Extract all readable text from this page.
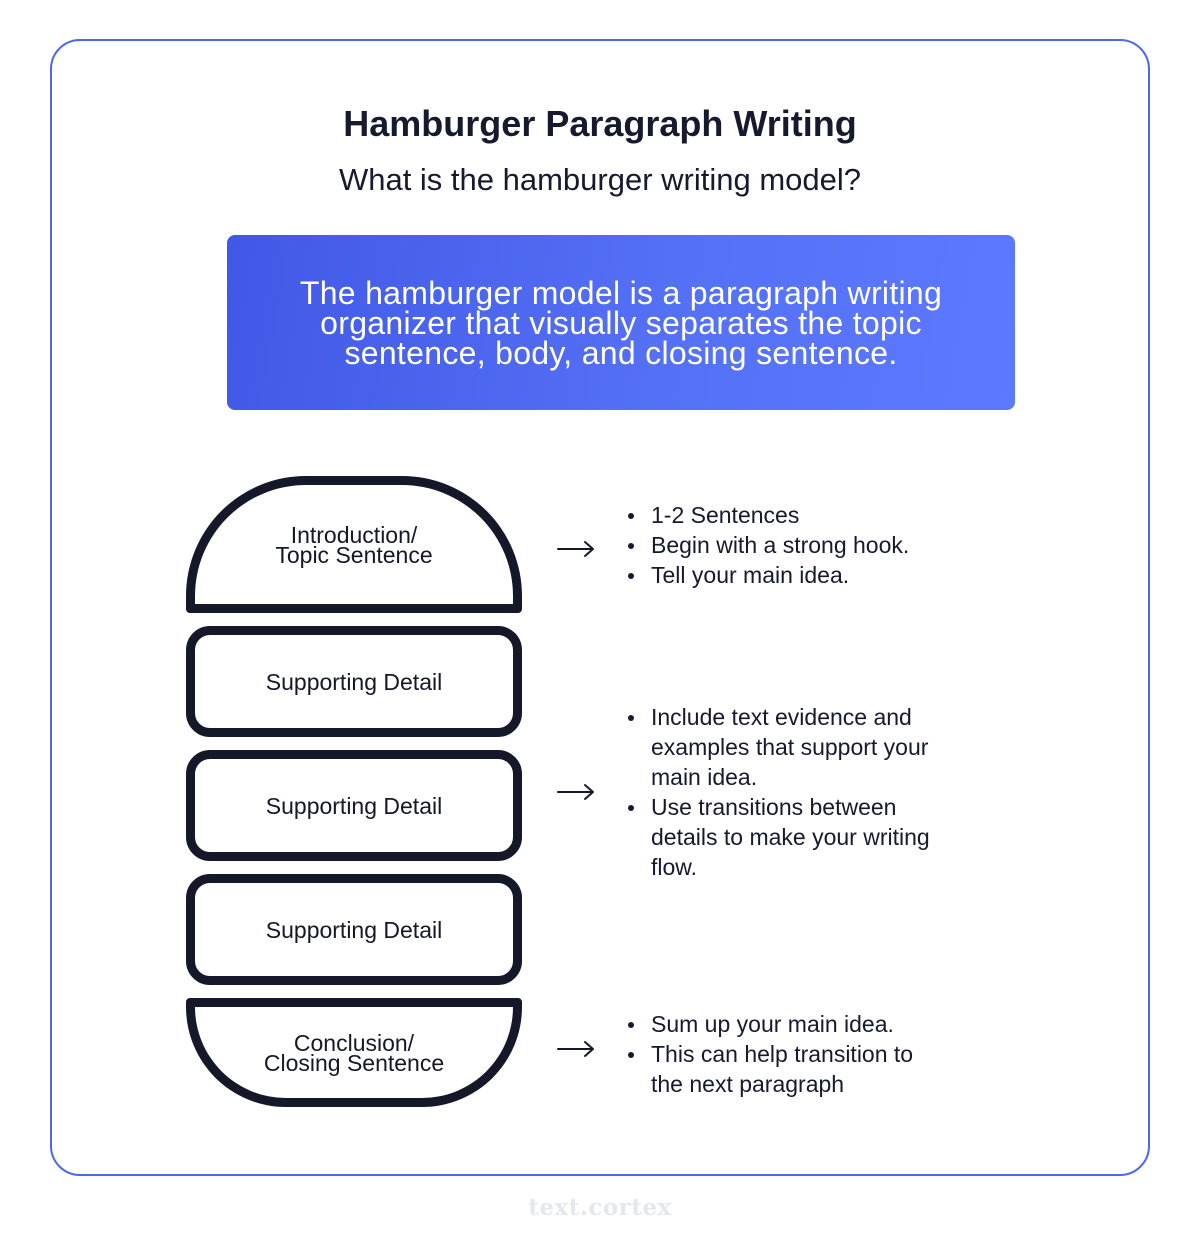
Hamburger Paragraph Writing
What is the hamburger writing model?
The hamburger model is a paragraph writing organizer that visually separates the topic sentence, body, and closing sentence.
Introduction/
Topic Sentence
Supporting Detail
Supporting Detail
Supporting Detail
Conclusion/
Closing Sentence
1-2 Sentences
Begin with a strong hook.
Tell your main idea.
Include text evidence and examples that support your main idea.
Use transitions between details to make your writing flow.
Sum up your main idea.
This can help transition to the next paragraph
text.cortex
